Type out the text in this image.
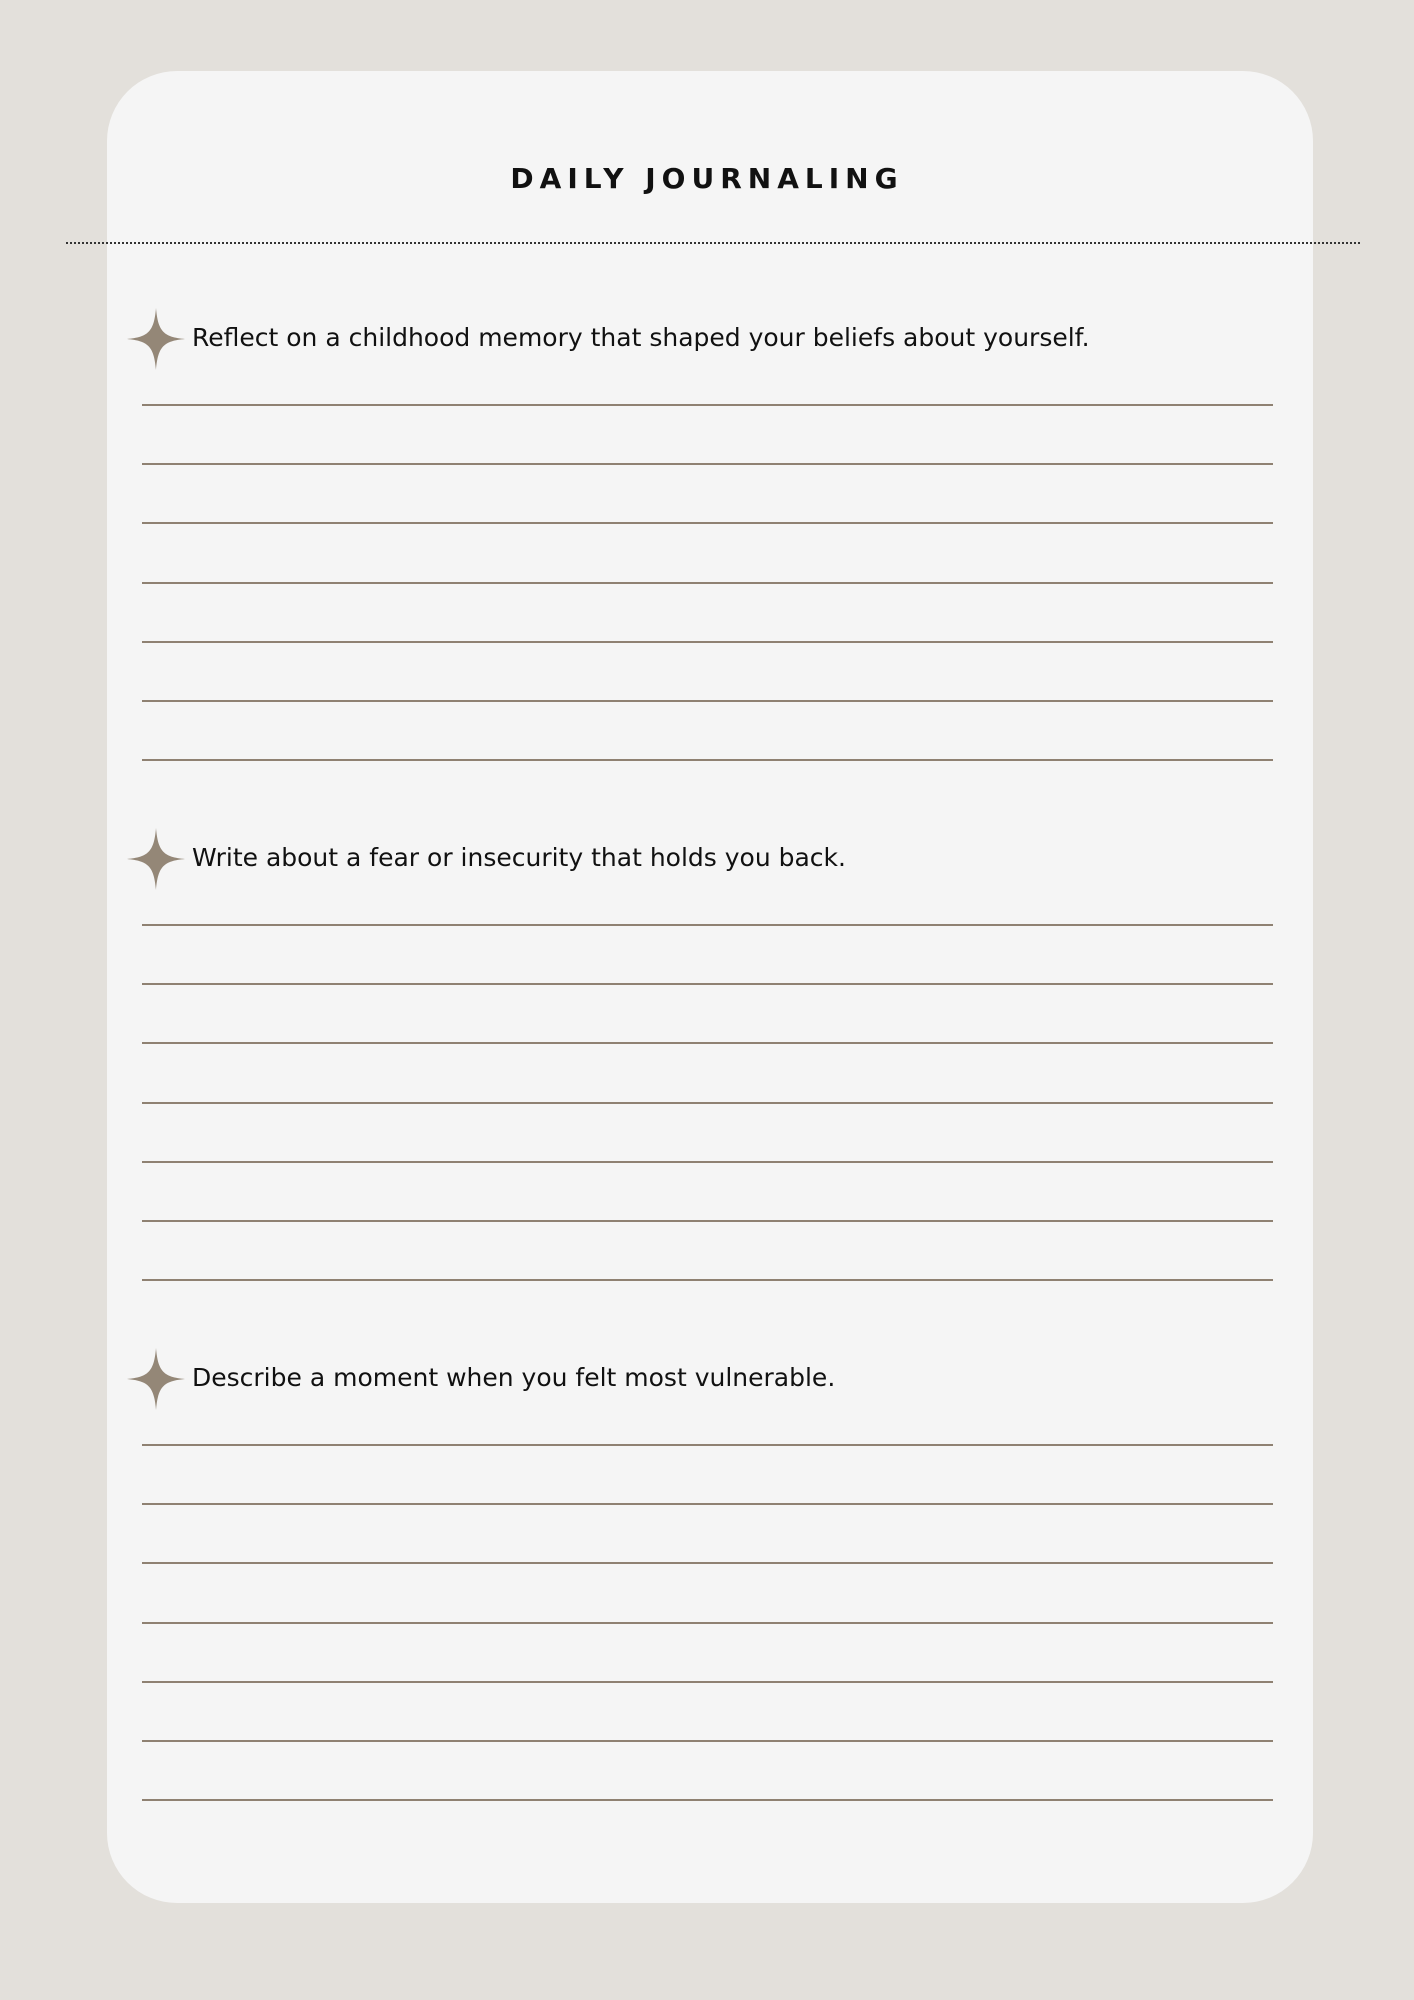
DAILY JOURNALING
Reflect on a childhood memory that shaped your beliefs about yourself.
Write about a fear or insecurity that holds you back.
Describe a moment when you felt most vulnerable.
